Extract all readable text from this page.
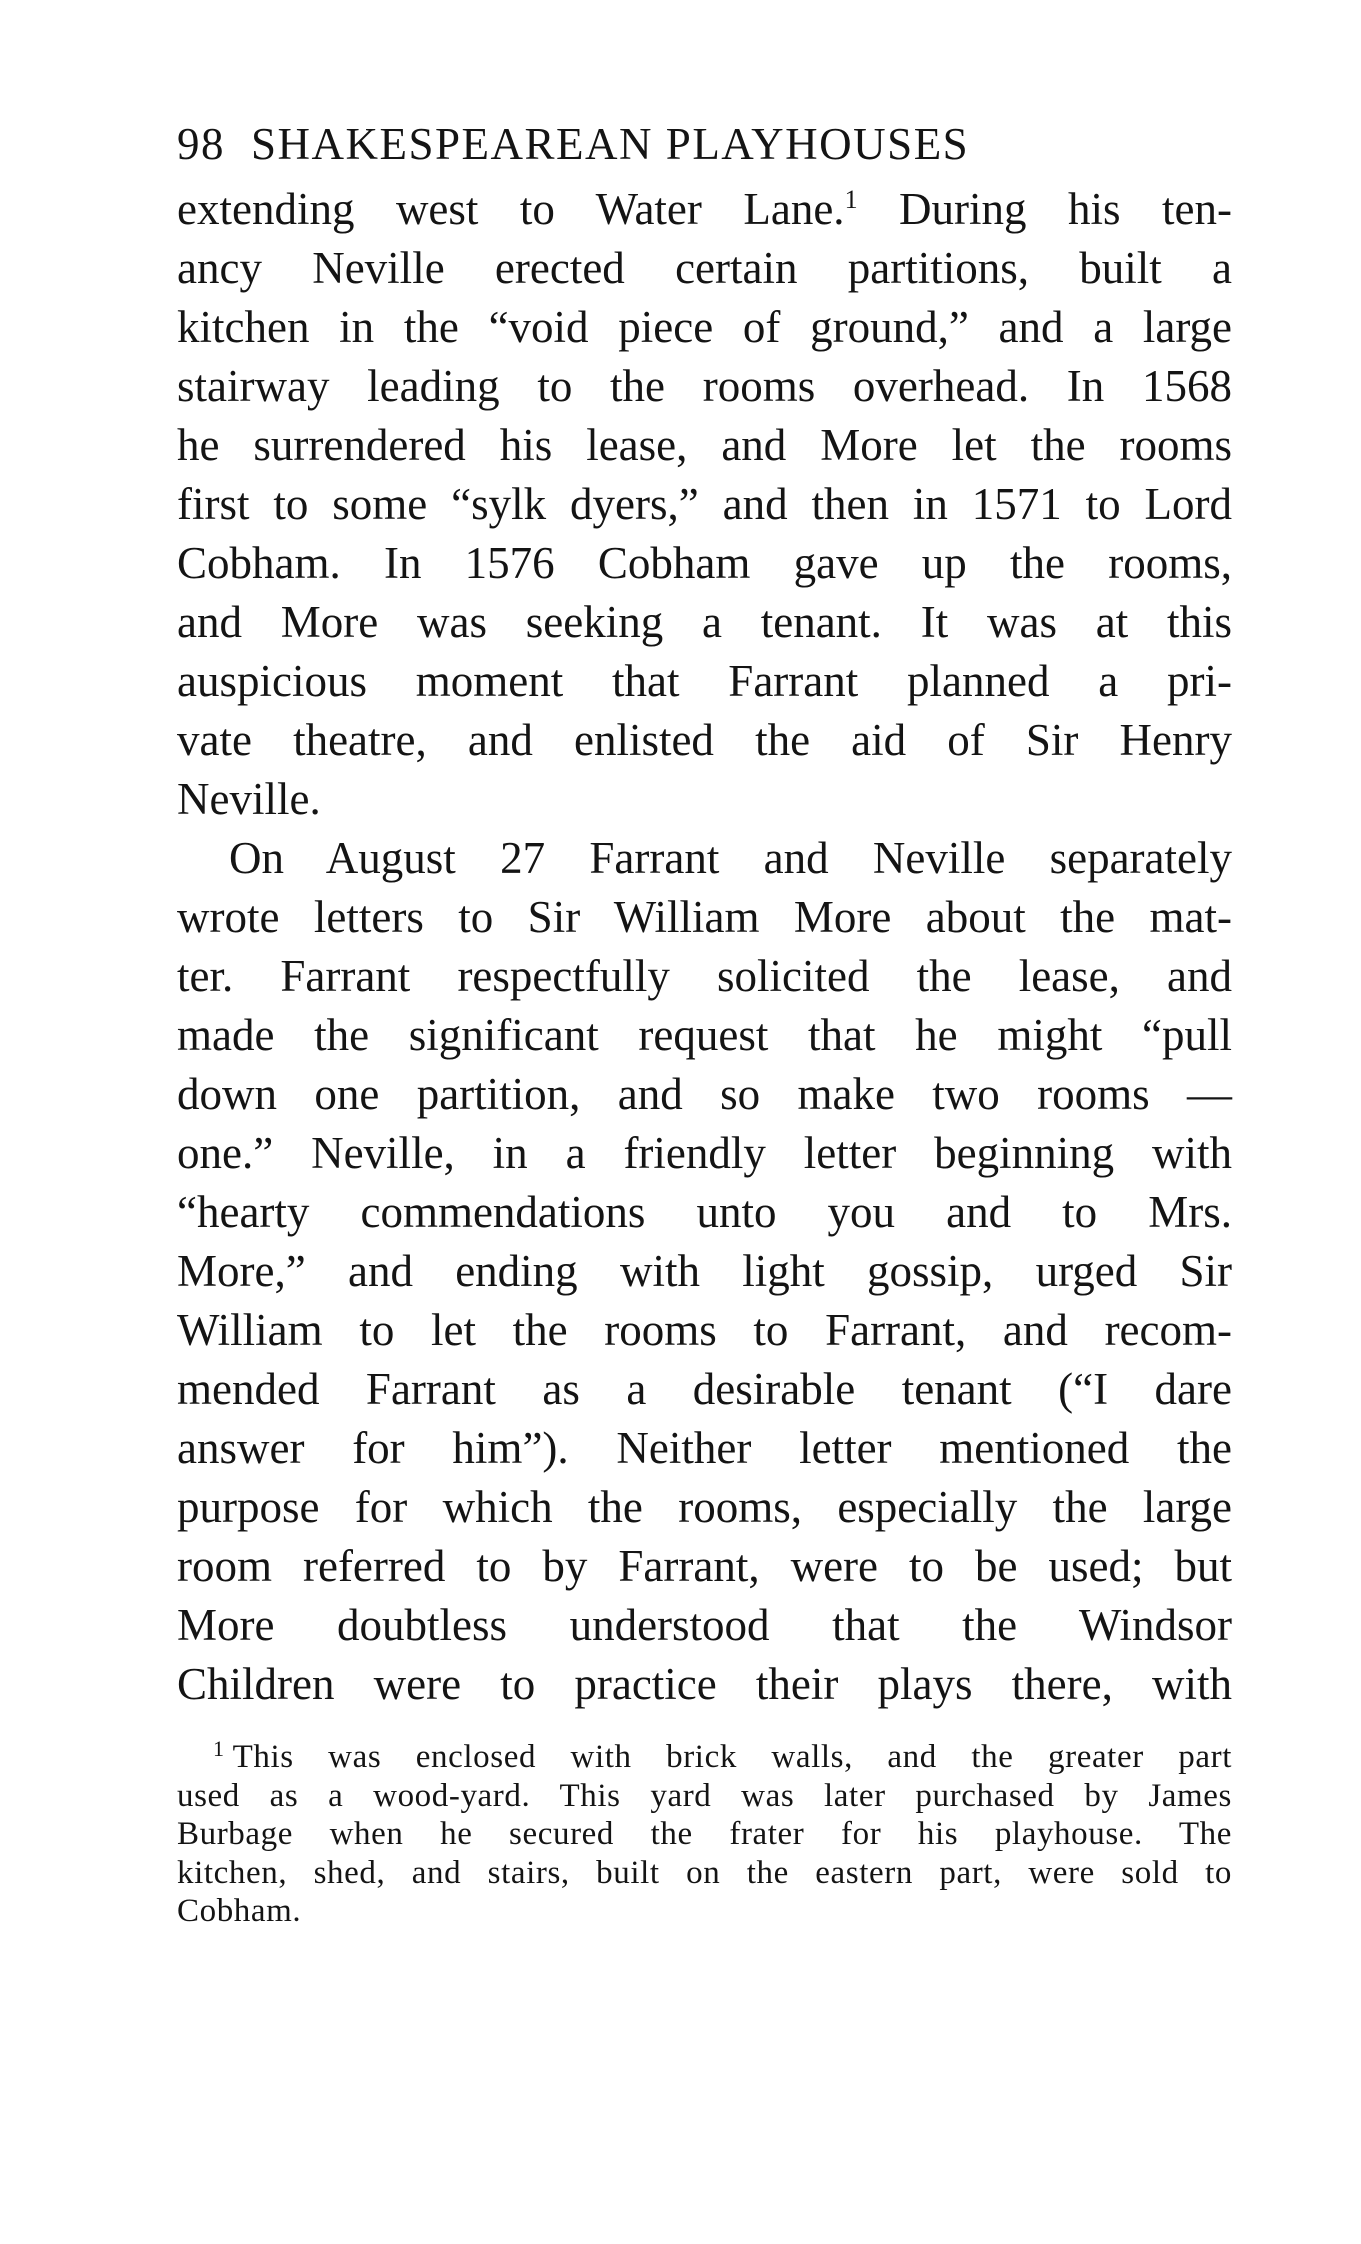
98 SHAKESPEAREAN PLAYHOUSES
extending west to Water Lane.$^1$ During his ten-
ancy Neville erected certain partitions, built a
kitchen in the “void piece of ground,” and a large
stairway leading to the rooms overhead. In 1568
he surrendered his lease, and More let the rooms
first to some “sylk dyers,” and then in 1571 to Lord
Cobham. In 1576 Cobham gave up the rooms,
and More was seeking a tenant. It was at this
auspicious moment that Farrant planned a pri-
vate theatre, and enlisted the aid of Sir Henry
Neville.
On August 27 Farrant and Neville separately
wrote letters to Sir William More about the mat-
ter. Farrant respectfully solicited the lease, and
made the significant request that he might “pull
down one partition, and so make two rooms —
one.” Neville, in a friendly letter beginning with
“hearty commendations unto you and to Mrs.
More,” and ending with light gossip, urged Sir
William to let the rooms to Farrant, and recom-
mended Farrant as a desirable tenant (“I dare
answer for him”). Neither letter mentioned the
purpose for which the rooms, especially the large
room referred to by Farrant, were to be used; but
More doubtless understood that the Windsor
Children were to practice their plays there, with
$^1$ This was enclosed with brick walls, and the greater part
used as a wood-yard. This yard was later purchased by James
Burbage when he secured the frater for his playhouse. The
kitchen, shed, and stairs, built on the eastern part, were sold to
Cobham.
